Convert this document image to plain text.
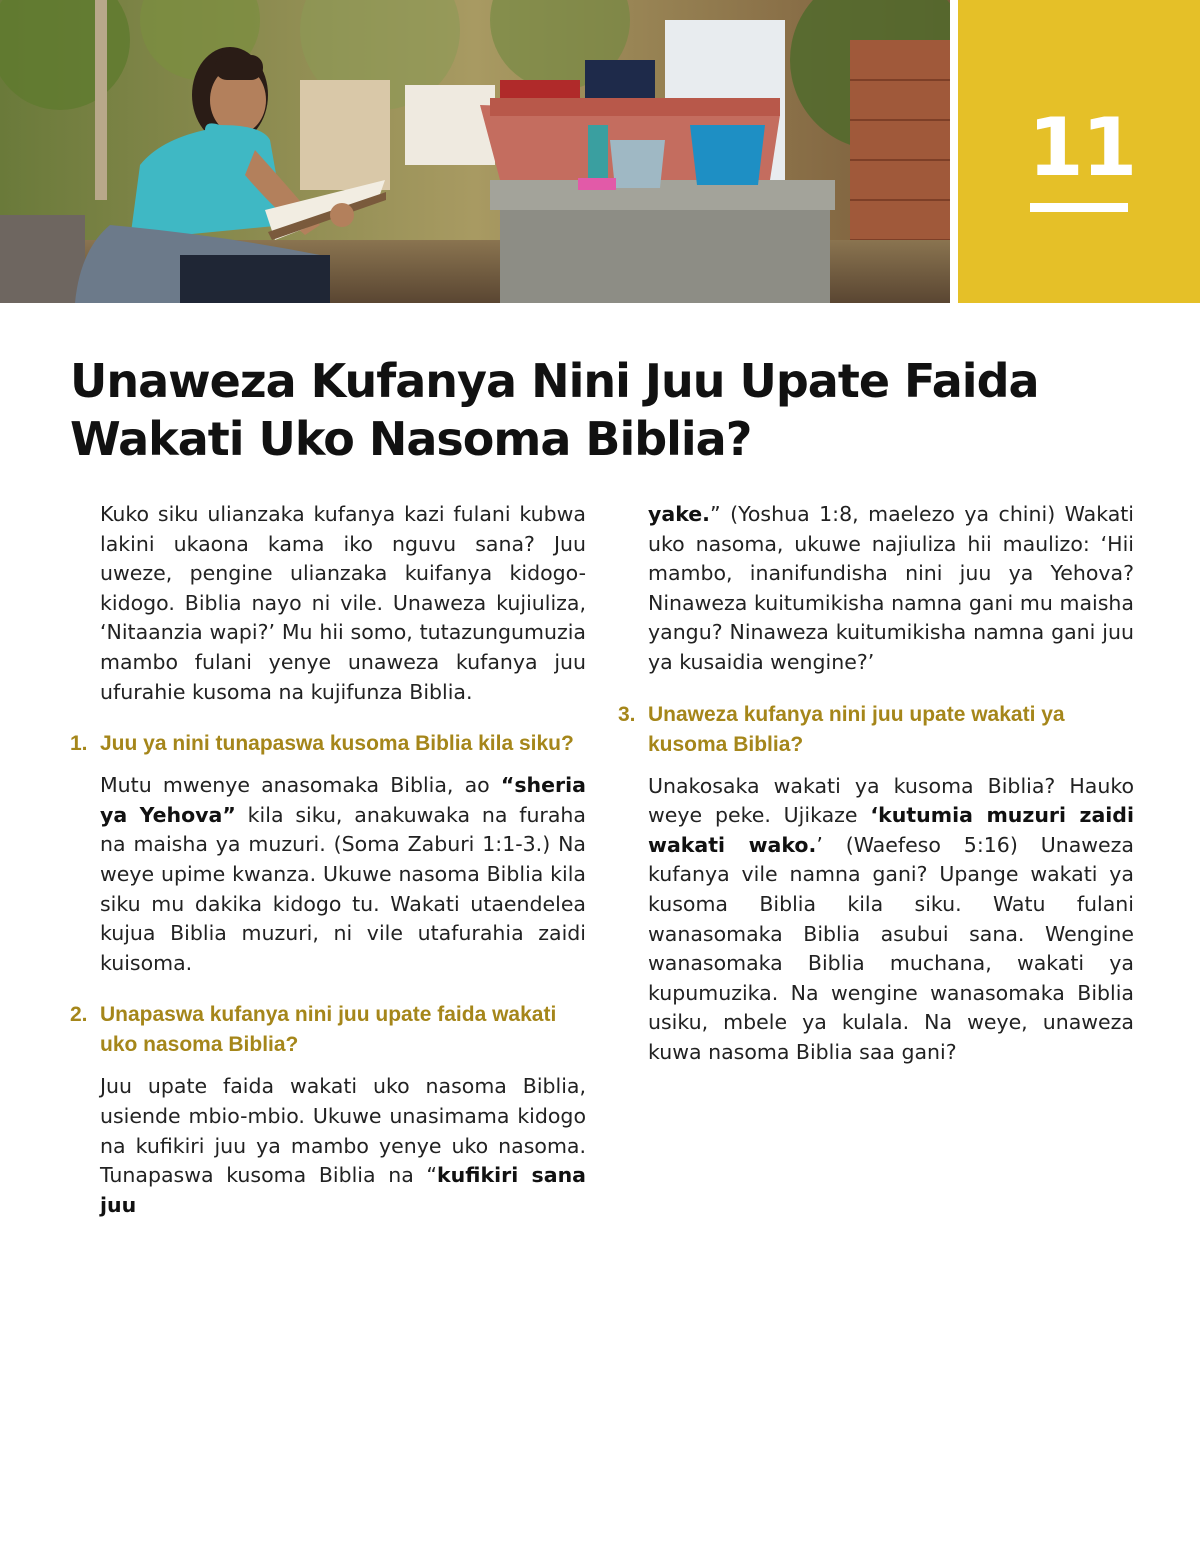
11
Unaweza Kufanya Nini Juu Upate Faida
Wakati Uko Nasoma Biblia?

Kuko siku ulianzaka kufanya kazi fulani kubwa lakini ukaona kama iko nguvu sana? Juu uweze, pengine ulianzaka kuifanya kidogo-kidogo. Biblia nayo ni vile. Unaweza kujiuliza, ‘Nitaanzia wapi?’ Mu hii somo, tutazungumuzia mambo fulani yenye unaweza kufanya juu ufurahie kusoma na kujifunza Biblia.

1. Juu ya nini tunapaswa kusoma Biblia kila siku?

Mutu mwenye anasomaka Biblia, ao “sheria ya Yehova” kila siku, anakuwaka na furaha na maisha ya muzuri. (Soma Zaburi 1:1-3.) Na weye upime kwanza. Ukuwe nasoma Biblia kila siku mu dakika kidogo tu. Wakati utaendelea kujua Biblia muzuri, ni vile utafurahia zaidi kuisoma.

2. Unapaswa kufanya nini juu upate faida wakati uko nasoma Biblia?

Juu upate faida wakati uko nasoma Biblia, usiende mbio-mbio. Ukuwe unasimama kidogo na kufikiri juu ya mambo yenye uko nasoma. Tunapaswa kusoma Biblia na “kufikiri sana juu

yake.” (Yoshua 1:8, maelezo ya chini) Wakati uko nasoma, ukuwe najiuliza hii maulizo: ‘Hii mambo, inanifundisha nini juu ya Yehova? Ninaweza kuitumikisha namna gani mu maisha yangu? Ninaweza kuitumikisha namna gani juu ya kusaidia wengine?’

3. Unaweza kufanya nini juu upate wakati ya kusoma Biblia?

Unakosaka wakati ya kusoma Biblia? Hauko weye peke. Ujikaze ‘kutumia muzuri zaidi wakati wako.’ (Waefeso 5:16) Unaweza kufanya vile namna gani? Upange wakati ya kusoma Biblia kila siku. Watu fulani wanasomaka Biblia asubui sana. Wengine wanasomaka Biblia muchana, wakati ya kupumuzika. Na wengine wanasomaka Biblia usiku, mbele ya kulala. Na weye, unaweza kuwa nasoma Biblia saa gani?
